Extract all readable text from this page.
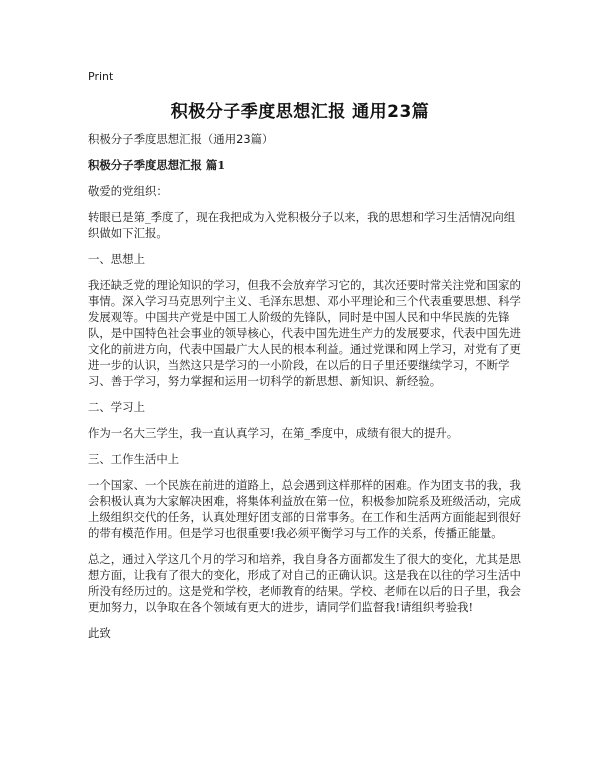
Print
积极分子季度思想汇报 通用23篇

积极分子季度思想汇报（通用23篇）

积极分子季度思想汇报 篇1

敬爱的党组织：

转眼已是第_季度了，现在我把成为入党积极分子以来，我的思想和学习生活情况向组织做如下汇报。

一、思想上

我还缺乏党的理论知识的学习，但我不会放弃学习它的，其次还要时常关注党和国家的事情。深入学习马克思列宁主义、毛泽东思想、邓小平理论和三个代表重要思想、科学发展观等。中国共产党是中国工人阶级的先锋队，同时是中国人民和中华民族的先锋队，是中国特色社会事业的领导核心，代表中国先进生产力的发展要求，代表中国先进文化的前进方向，代表中国最广大人民的根本利益。通过党课和网上学习，对党有了更进一步的认识，当然这只是学习的一小阶段，在以后的日子里还要继续学习，不断学习、善于学习，努力掌握和运用一切科学的新思想、新知识、新经验。

二、学习上

作为一名大三学生，我一直认真学习，在第_季度中，成绩有很大的提升。

三、工作生活中上

一个国家、一个民族在前进的道路上，总会遇到这样那样的困难。作为团支书的我，我会积极认真为大家解决困难，将集体利益放在第一位，积极参加院系及班级活动，完成上级组织交代的任务，认真处理好团支部的日常事务。在工作和生活两方面能起到很好的带有模范作用。但是学习也很重要!我必须平衡学习与工作的关系，传播正能量。

总之，通过入学这几个月的学习和培养，我自身各方面都发生了很大的变化，尤其是思想方面，让我有了很大的变化，形成了对自己的正确认识。这是我在以往的学习生活中所没有经历过的。这是党和学校，老师教育的结果。学校、老师在以后的日子里，我会更加努力，以争取在各个领域有更大的进步，请同学们监督我!请组织考验我!

此致
